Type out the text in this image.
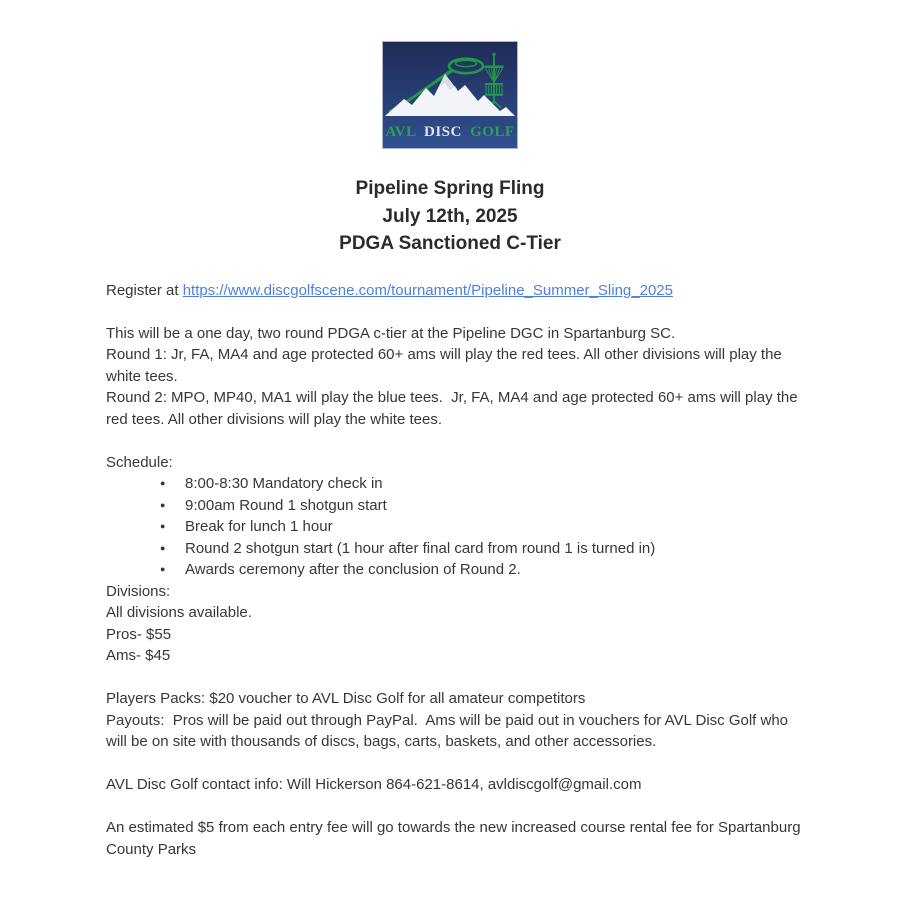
AVL DISC GOLF
Pipeline Spring Fling
July 12th, 2025
PDGA Sanctioned C-Tier
Register at https://www.discgolfscene.com/tournament/Pipeline_Summer_Sling_2025
This will be a one day, two round PDGA c-tier at the Pipeline DGC in Spartanburg SC.
Round 1: Jr, FA, MA4 and age protected 60+ ams will play the red tees. All other divisions will play the white tees.
Round 2: MPO, MP40, MA1 will play the blue tees.  Jr, FA, MA4 and age protected 60+ ams will play the red tees. All other divisions will play the white tees.
Schedule:
●	8:00-8:30 Mandatory check in
●	9:00am Round 1 shotgun start
●	Break for lunch 1 hour
●	Round 2 shotgun start (1 hour after final card from round 1 is turned in)
●	Awards ceremony after the conclusion of Round 2.
Divisions:
All divisions available.
Pros- $55
Ams- $45
Players Packs: $20 voucher to AVL Disc Golf for all amateur competitors
Payouts:  Pros will be paid out through PayPal.  Ams will be paid out in vouchers for AVL Disc Golf who will be on site with thousands of discs, bags, carts, baskets, and other accessories.
AVL Disc Golf contact info: Will Hickerson 864-621-8614, avldiscgolf@gmail.com
An estimated $5 from each entry fee will go towards the new increased course rental fee for Spartanburg County Parks
